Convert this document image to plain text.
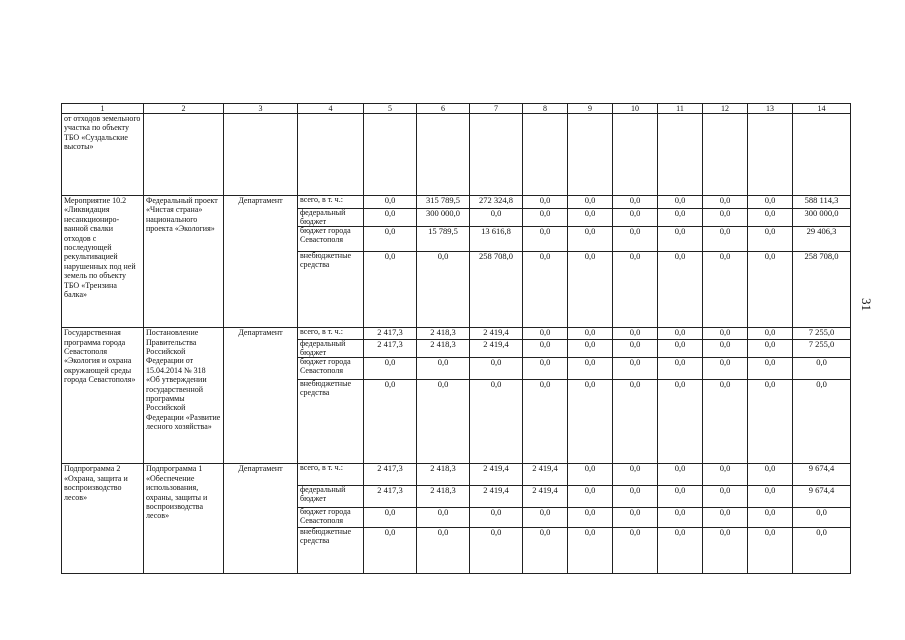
1	2	3	4	5	6	7	8	9	10	11	12	13	14	
от отходов земельного участка по объекту ТБО «Суздальские высоты»														
Мероприятие 10.2 «Ликвидация несанкциониро-ванной свалки отходов с последующей рекультивацией нарушенных под ней земель по объекту ТБО «Трензина балка»	Федеральный проект «Чистая страна» национального проекта «Экология»	Департамент	всего, в т. ч.:	0,0	315 789,5	272 324,8	0,0	0,0	0,0	0,0	0,0	0,0	588 114,3	
			федеральный бюджет	0,0	300 000,0	0,0	0,0	0,0	0,0	0,0	0,0	0,0	300 000,0	
			бюджет города Севастополя	0,0	15 789,5	13 616,8	0,0	0,0	0,0	0,0	0,0	0,0	29 406,3	
			внебюджетные средства	0,0	0,0	258 708,0	0,0	0,0	0,0	0,0	0,0	0,0	258 708,0	
Государственная программа города Севастополя «Экология и охрана окружающей среды города Севастополя»	Постановление Правительства Российской Федерации от 15.04.2014 № 318 «Об утверждении государственной программы Российской Федерации «Развитие лесного хозяйства»	Департамент	всего, в т. ч.:	2 417,3	2 418,3	2 419,4	0,0	0,0	0,0	0,0	0,0	0,0	7 255,0	
			федеральный бюджет	2 417,3	2 418,3	2 419,4	0,0	0,0	0,0	0,0	0,0	0,0	7 255,0	
			бюджет города Севастополя	0,0	0,0	0,0	0,0	0,0	0,0	0,0	0,0	0,0	0,0	
			внебюджетные средства	0,0	0,0	0,0	0,0	0,0	0,0	0,0	0,0	0,0	0,0	
Подпрограмма 2 «Охрана, защита и воспроизводство лесов»	Подпрограмма 1 «Обеспечение использования, охраны, защиты и воспроизводства лесов»	Департамент	всего, в т. ч.:	2 417,3	2 418,3	2 419,4	2 419,4	0,0	0,0	0,0	0,0	0,0	9 674,4	
			федеральный бюджет	2 417,3	2 418,3	2 419,4	2 419,4	0,0	0,0	0,0	0,0	0,0	9 674,4	
			бюджет города Севастополя	0,0	0,0	0,0	0,0	0,0	0,0	0,0	0,0	0,0	0,0	
			внебюджетные средства	0,0	0,0	0,0	0,0	0,0	0,0	0,0	0,0	0,0	0,0	
31
